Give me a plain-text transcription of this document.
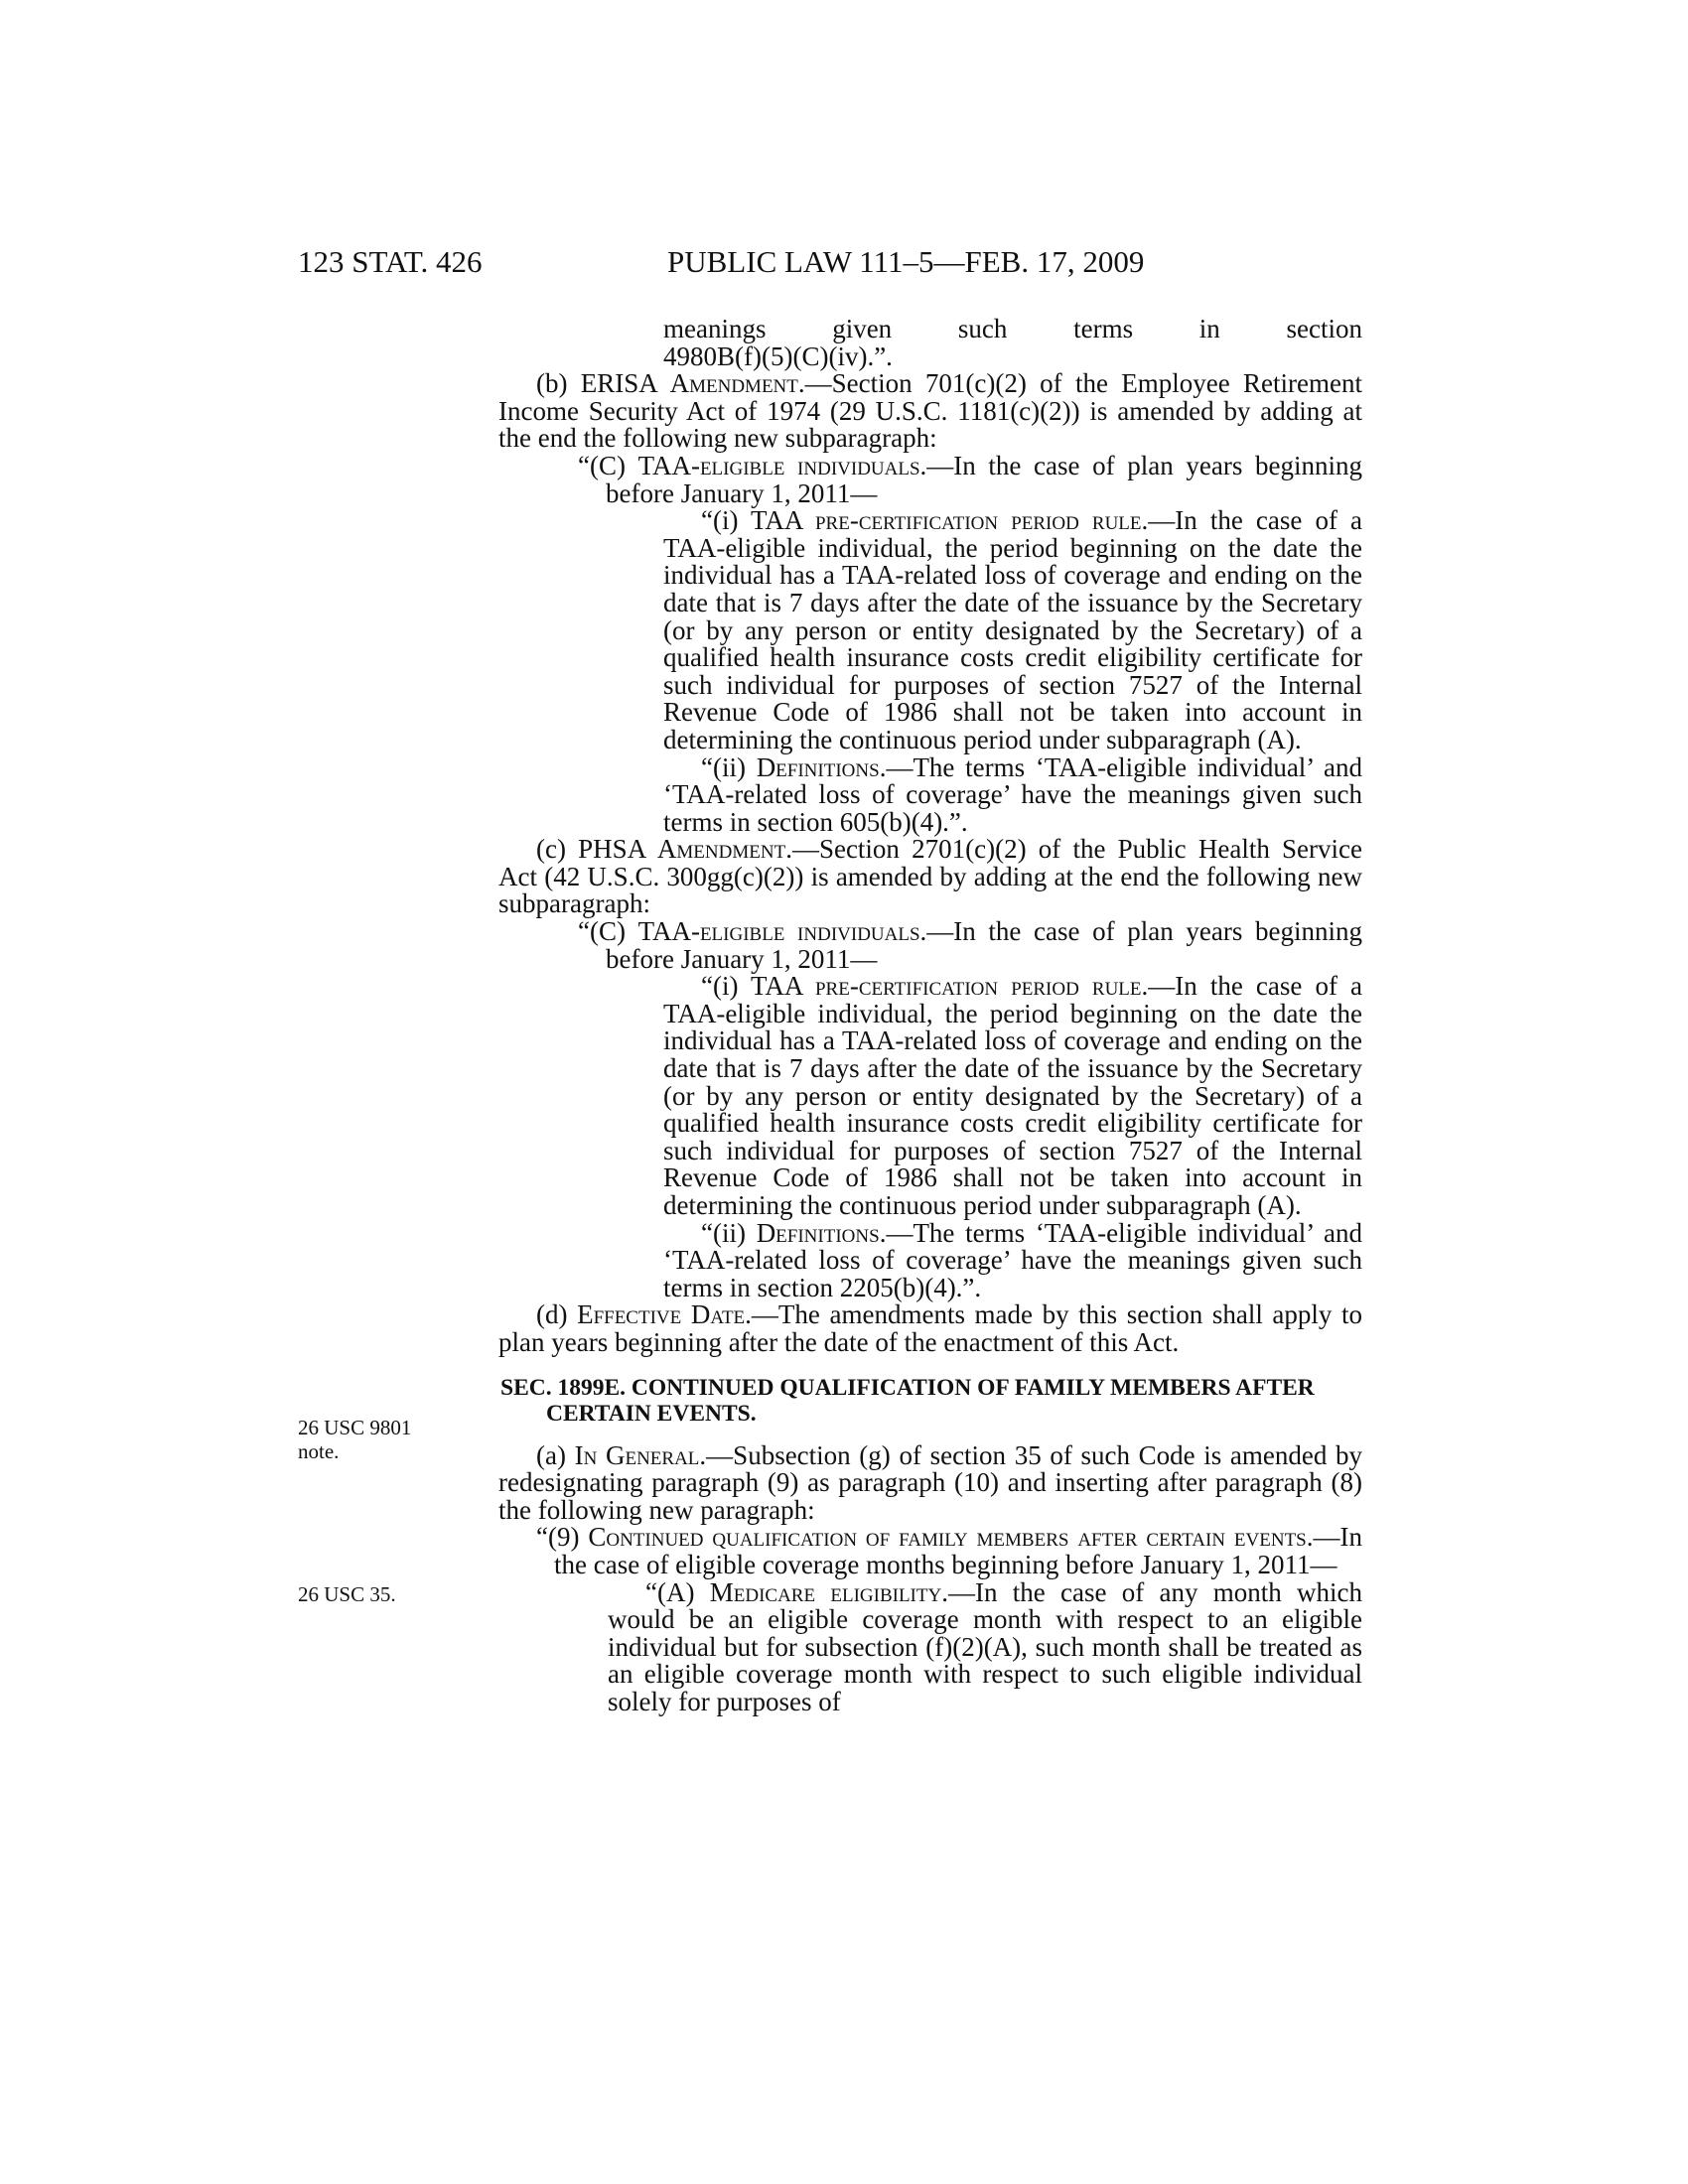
123 STAT. 426	PUBLIC LAW 111–5—FEB. 17, 2009
26 USC 9801
note.
26 USC 35.

meanings given such terms in section

4980B(f)(5)(C)(iv).”.

(b) ERISA Amendment.—Section 701(c)(2) of the Employee Retirement Income Security Act of 1974 (29 U.S.C. 1181(c)(2)) is amended by adding at the end the following new subparagraph:

“(C) TAA-eligible individuals.—In the case of plan years beginning before January 1, 2011—

“(i) TAA pre-certification period rule.—In the case of a TAA-eligible individual, the period beginning on the date the individual has a TAA-related loss of coverage and ending on the date that is 7 days after the date of the issuance by the Secretary (or by any person or entity designated by the Secretary) of a qualified health insurance costs credit eligibility certificate for such individual for purposes of section 7527 of the Internal Revenue Code of 1986 shall not be taken into account in determining the continuous period under subparagraph (A).

“(ii) Definitions.—The terms ‘TAA-eligible individual’ and ‘TAA-related loss of coverage’ have the meanings given such terms in section 605(b)(4).”.

(c) PHSA Amendment.—Section 2701(c)(2) of the Public Health Service Act (42 U.S.C. 300gg(c)(2)) is amended by adding at the end the following new subparagraph:

“(C) TAA-eligible individuals.—In the case of plan years beginning before January 1, 2011—

“(i) TAA pre-certification period rule.—In the case of a TAA-eligible individual, the period beginning on the date the individual has a TAA-related loss of coverage and ending on the date that is 7 days after the date of the issuance by the Secretary (or by any person or entity designated by the Secretary) of a qualified health insurance costs credit eligibility certificate for such individual for purposes of section 7527 of the Internal Revenue Code of 1986 shall not be taken into account in determining the continuous period under subparagraph (A).

“(ii) Definitions.—The terms ‘TAA-eligible individual’ and ‘TAA-related loss of coverage’ have the meanings given such terms in section 2205(b)(4).”.

(d) Effective Date.—The amendments made by this section shall apply to plan years beginning after the date of the enactment of this Act.

SEC. 1899E. CONTINUED QUALIFICATION OF FAMILY MEMBERS AFTER CERTAIN EVENTS.

(a) In General.—Subsection (g) of section 35 of such Code is amended by redesignating paragraph (9) as paragraph (10) and inserting after paragraph (8) the following new paragraph:

“(9) Continued qualification of family members after certain events.—In the case of eligible coverage months beginning before January 1, 2011—

“(A) Medicare eligibility.—In the case of any month which would be an eligible coverage month with respect to an eligible individual but for subsection (f)(2)(A), such month shall be treated as an eligible coverage month with respect to such eligible individual solely for purposes of
